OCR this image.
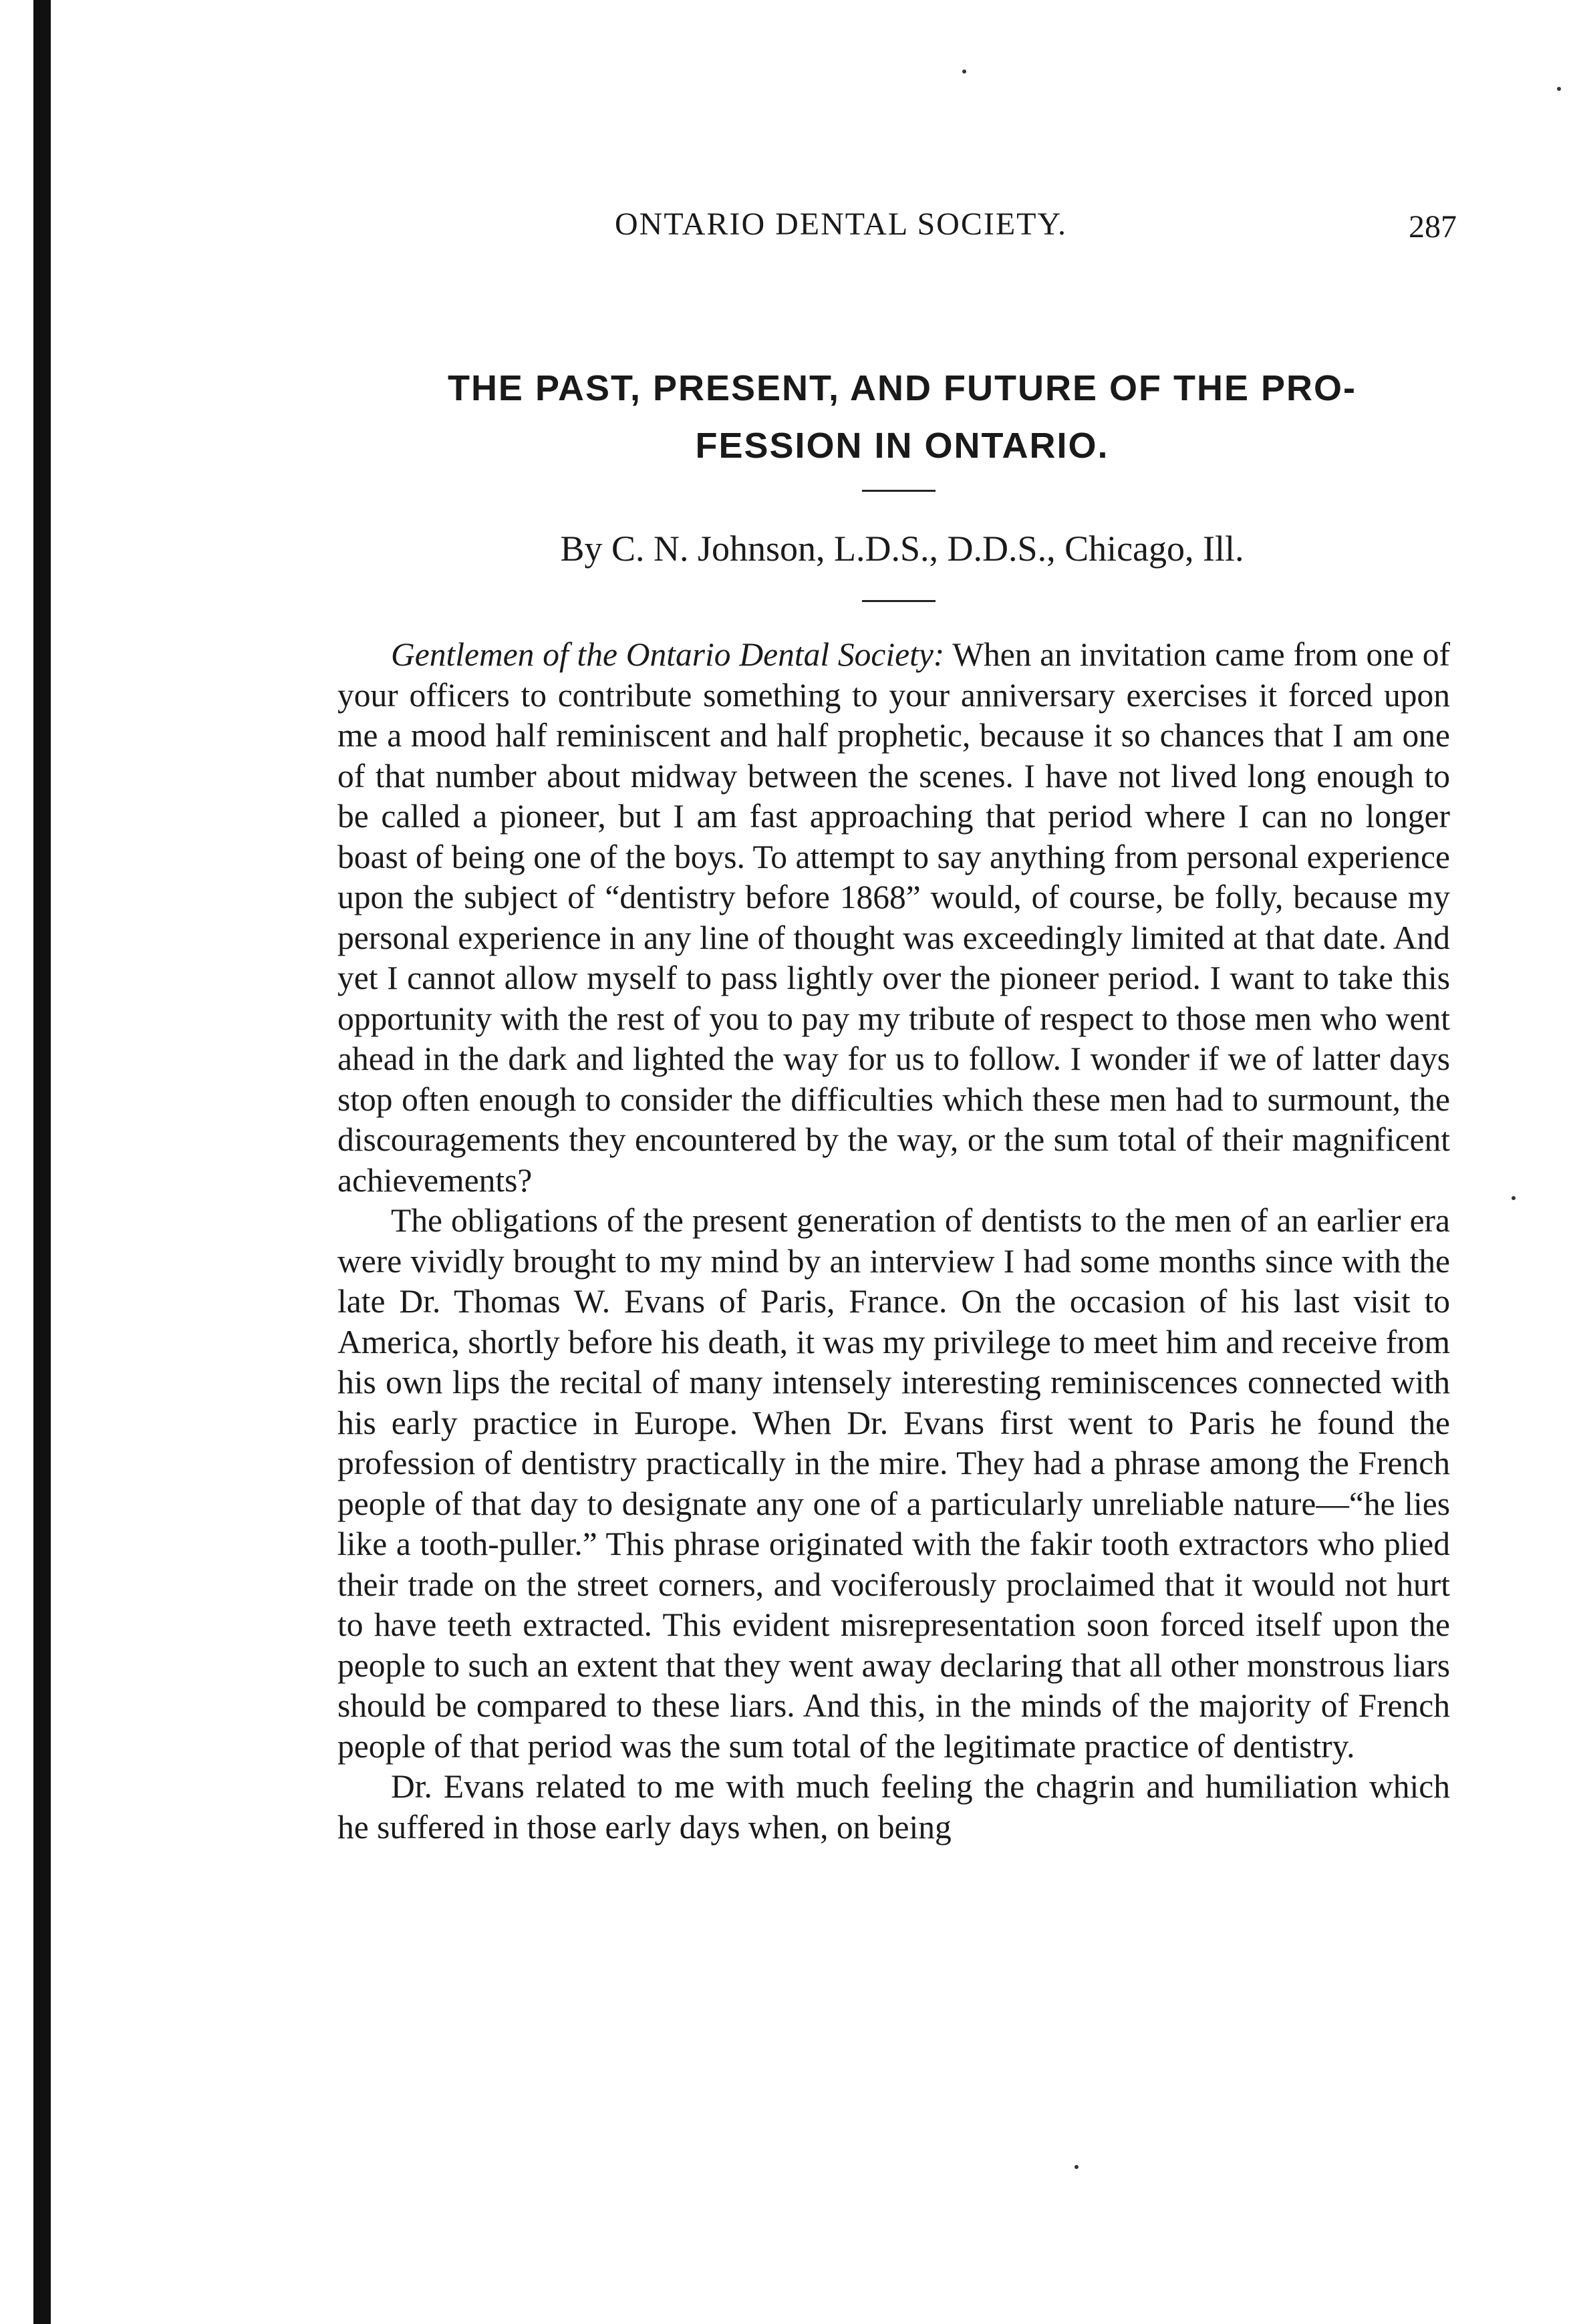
ONTARIO DENTAL SOCIETY.	287
THE PAST, PRESENT, AND FUTURE OF THE PRO-
FESSION IN ONTARIO.
By C. N. Johnson, L.D.S., D.D.S., Chicago, Ill.

Gentlemen of the Ontario Dental Society: When an invitation came from one of your officers to contribute something to your anniversary exercises it forced upon me a mood half reminiscent and half prophetic, because it so chances that I am one of that number about midway between the scenes. I have not lived long enough to be called a pioneer, but I am fast approaching that period where I can no longer boast of being one of the boys. To attempt to say anything from personal experience upon the subject of “dentistry before 1868” would, of course, be folly, because my personal experience in any line of thought was exceedingly limited at that date. And yet I cannot allow myself to pass lightly over the pioneer period. I want to take this opportunity with the rest of you to pay my tribute of respect to those men who went ahead in the dark and lighted the way for us to follow. I wonder if we of latter days stop often enough to consider the difficulties which these men had to surmount, the discouragements they encountered by the way, or the sum total of their magnificent achievements?

The obligations of the present generation of dentists to the men of an earlier era were vividly brought to my mind by an interview I had some months since with the late Dr. Thomas W. Evans of Paris, France. On the occasion of his last visit to America, shortly before his death, it was my privilege to meet him and receive from his own lips the recital of many intensely interesting reminiscences connected with his early practice in Europe. When Dr. Evans first went to Paris he found the profession of dentistry practically in the mire. They had a phrase among the French people of that day to designate any one of a particularly unreliable nature—“he lies like a tooth-puller.” This phrase originated with the fakir tooth extractors who plied their trade on the street corners, and vociferously proclaimed that it would not hurt to have teeth extracted. This evident misrepresentation soon forced itself upon the people to such an extent that they went away declaring that all other monstrous liars should be compared to these liars. And this, in the minds of the majority of French people of that period was the sum total of the legitimate practice of dentistry.

Dr. Evans related to me with much feeling the chagrin and humiliation which he suffered in those early days when, on being
